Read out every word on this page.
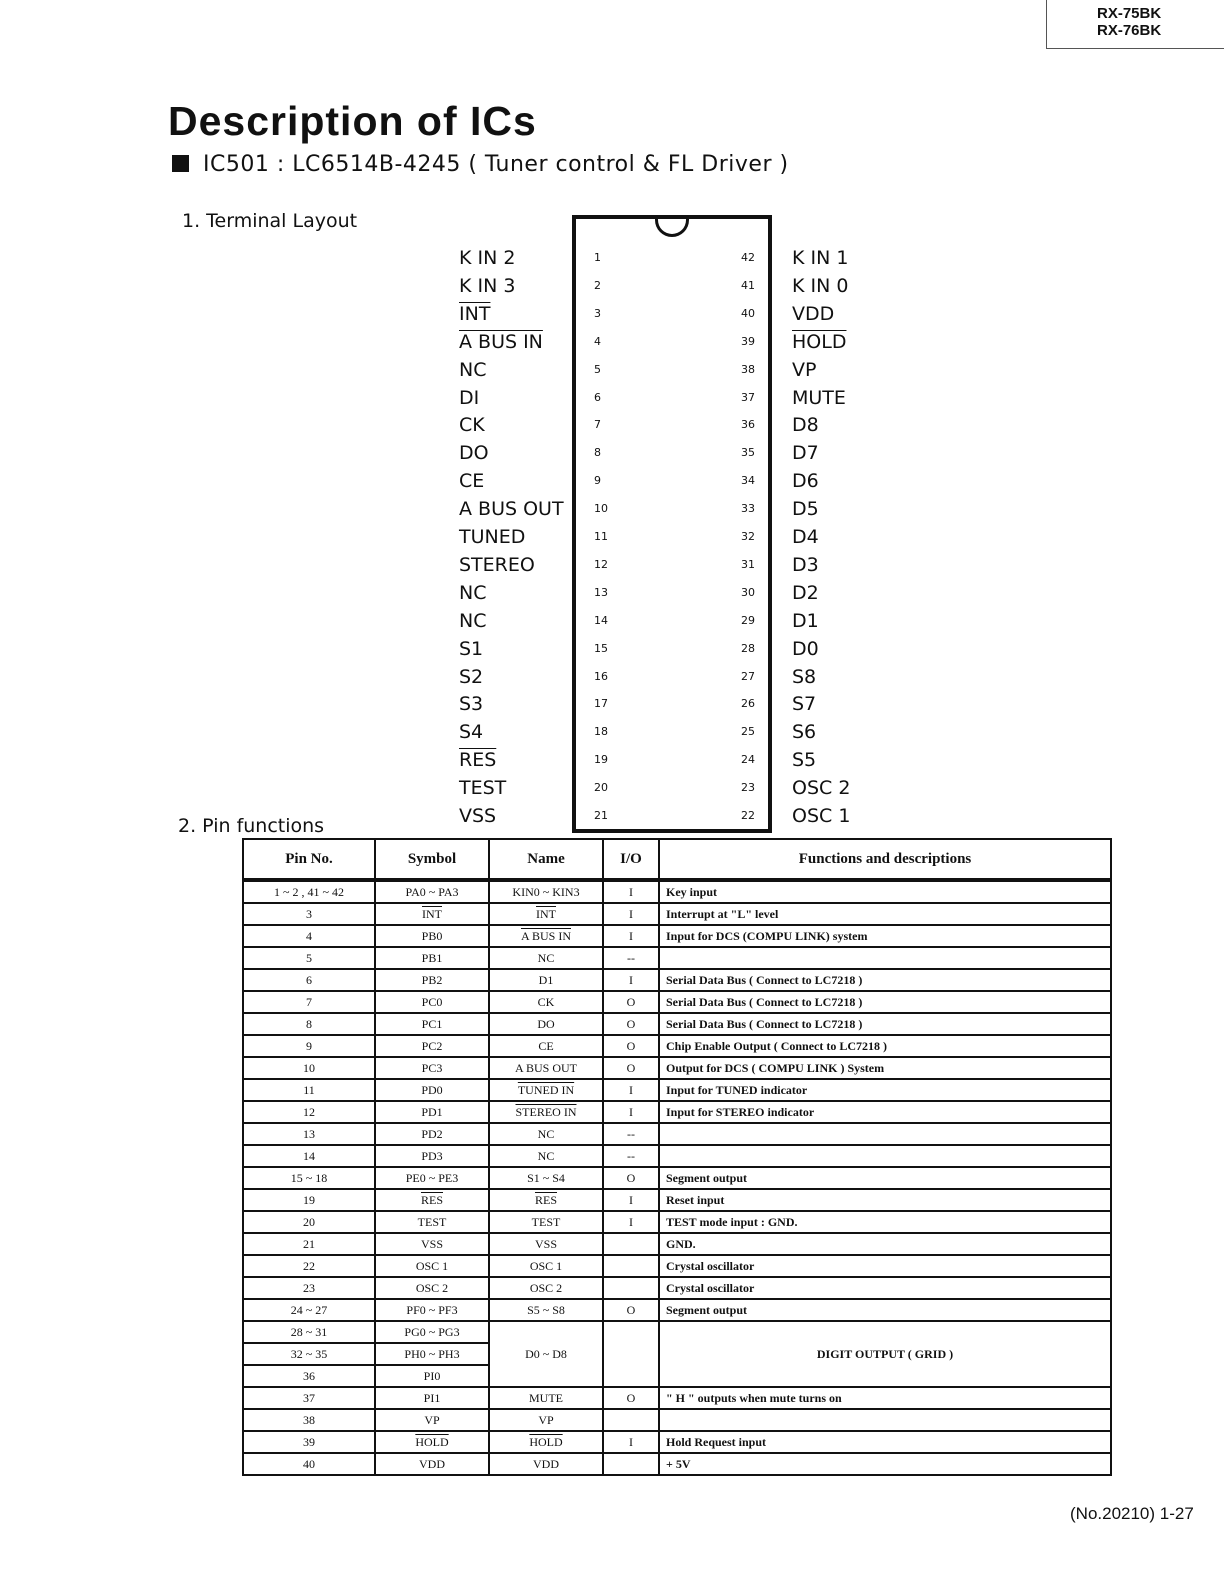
RX-75BK
RX-76BK
Description of ICs
IC501 : LC6514B-4245 ( Tuner control & FL Driver )
1. Terminal Layout
K IN 2	1
K IN 3	2
$\overline{INT}$	3
A BUS IN	4
NC	5
DI	6
CK	7
DO	8
CE	9
A BUS OUT	10
TUNED	11
STEREO	12
NC	13
NC	14
S1	15
S2	16
S3	17
S4	18
$\overline{RES}$	19
TEST	20
VSS	21
K IN 1
42
K IN 0
41
VDD
40
HOLD
39
VP
38
MUTE
37
D8
36
D7
35
D6
34
D5
33
D4
32
D3
31
D2
30
D1
29
D0
28
S8
27
S7
26
S6
25
S5
24
OSC 2
23
OSC 1
22
2. Pin functions
Pin No.	Symbol	Name	I/O	Functions and descriptions
1 ~ 2 , 41 ~ 42	PA0 ~ PA3	KIN0 ~ KIN3	I	Key input
3	$\overline{INT}$	$\overline{INT}$	I	Interrupt at "L" level
4	PB0	A BUS IN	I	Input for DCS (COMPU LINK) system
5	PB1	NC	--	
6	PB2	D1	I	Serial Data Bus ( Connect to LC7218 )
7	PC0	CK	O	Serial Data Bus ( Connect to LC7218 )
8	PC1	DO	O	Serial Data Bus ( Connect to LC7218 )
9	PC2	CE	O	Chip Enable Output ( Connect to LC7218 )
10	PC3	A BUS OUT	O	Output for DCS ( COMPU LINK ) System
11	PD0	TUNED IN	I	Input for TUNED indicator
12	PD1	STEREO IN	I	Input for STEREO indicator
13	PD2	NC	--	
14	PD3	NC	--	
15 ~ 18	PE0 ~ PE3	S1 ~ S4	O	Segment output
19	$\overline{RES}$	$\overline{RES}$	I	Reset input
20	TEST	TEST	I	TEST mode input : GND.
21	VSS	VSS		GND.
22	OSC 1	OSC 1		Crystal oscillator
23	OSC 2	OSC 2		Crystal oscillator
24 ~ 27	PF0 ~ PF3	S5 ~ S8	O	Segment output
28 ~ 31	PG0 ~ PG3	D0 ~ D8		DIGIT OUTPUT ( GRID )
32 ~ 35	PH0 ~ PH3			
36	PI0			
37	PI1	MUTE	O	" H " outputs when mute turns on
38	VP	VP		
39	HOLD	HOLD	I	Hold Request input
40	VDD	VDD		+ 5V
(No.20210) 1-27
